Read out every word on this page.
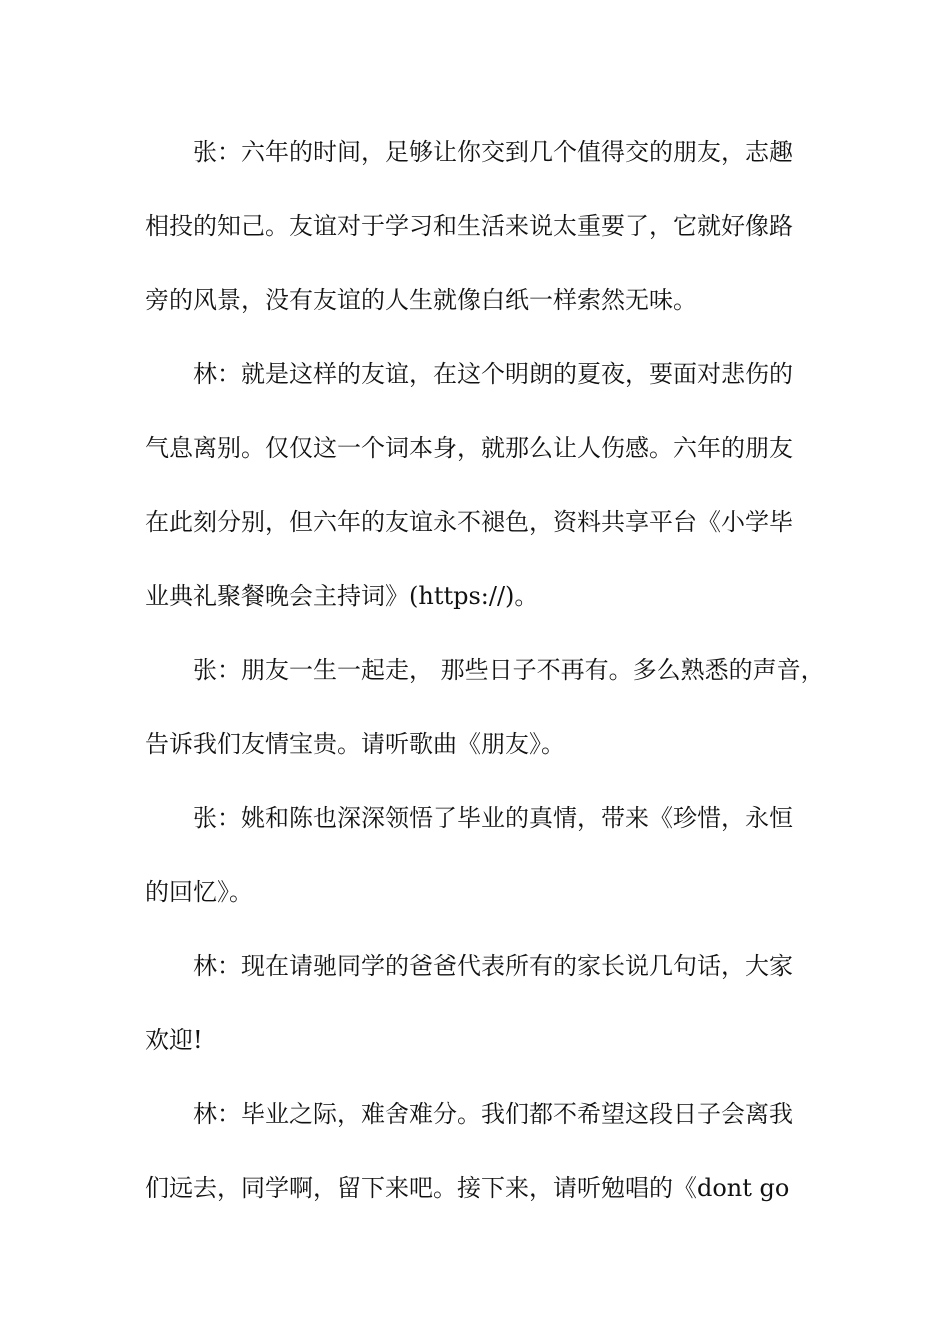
张：六年的时间，足够让你交到几个值得交的朋友，志趣
相投的知己。友谊对于学习和生活来说太重要了，它就好像路
旁的风景，没有友谊的人生就像白纸一样索然无味。
林：就是这样的友谊，在这个明朗的夏夜，要面对悲伤的
气息离别。仅仅这一个词本身，就那么让人伤感。六年的朋友
在此刻分别，但六年的友谊永不褪色，资料共享平台《小学毕
业典礼聚餐晚会主持词》(https://)。
张：朋友一生一起走， 那些日子不再有。多么熟悉的声音，
告诉我们友情宝贵。请听歌曲《朋友》。
张：姚和陈也深深领悟了毕业的真情，带来《珍惜，永恒
的回忆》。
林：现在请驰同学的爸爸代表所有的家长说几句话，大家
欢迎!
林：毕业之际，难舍难分。我们都不希望这段日子会离我
们远去，同学啊，留下来吧。接下来，请听勉唱的《dont go
